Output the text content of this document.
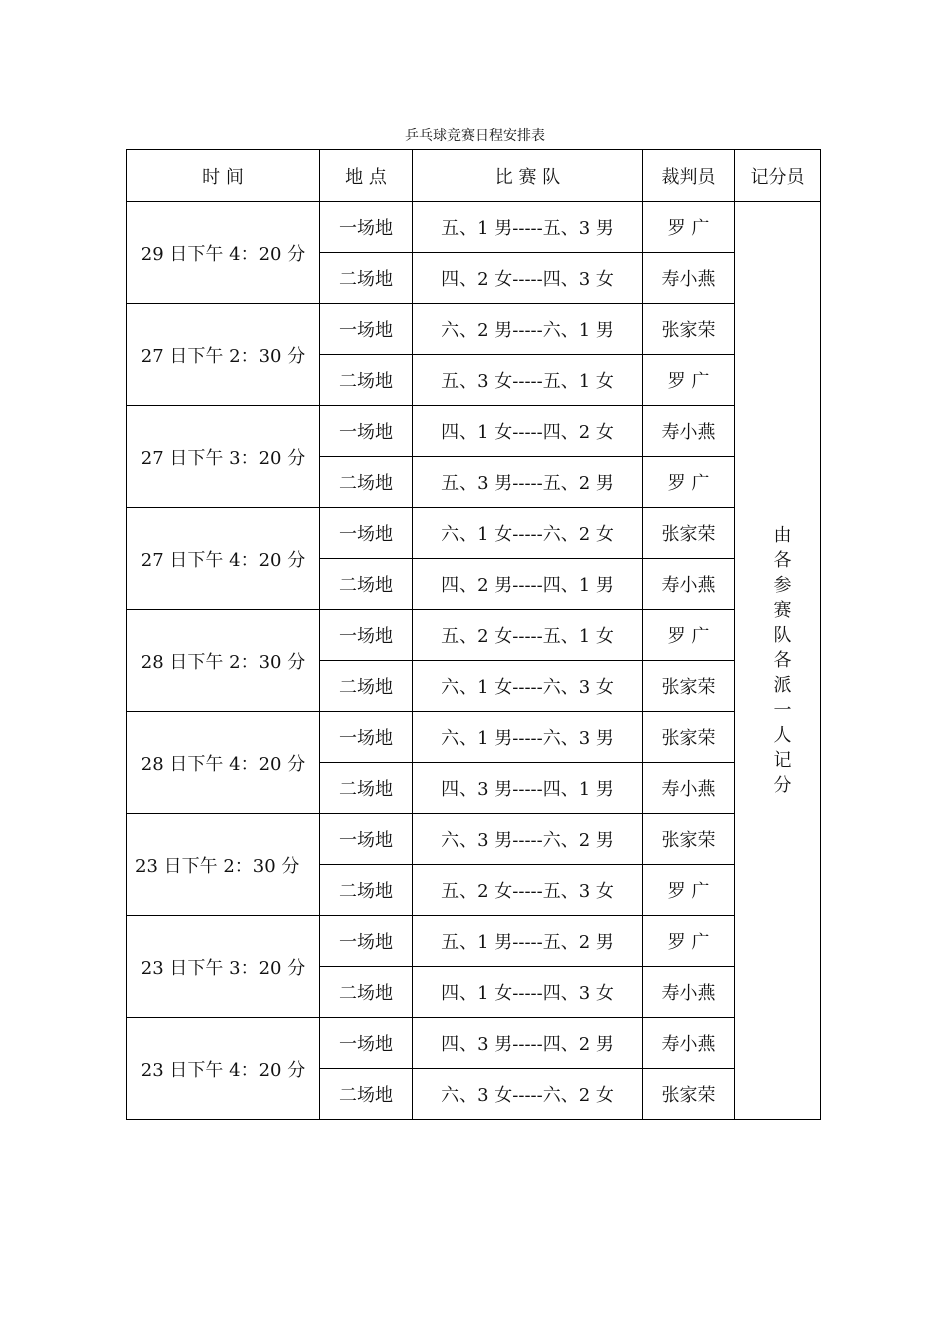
乒乓球竞赛日程安排表
时 间	地 点	比 赛 队	裁判员	记分员
29 日下午 4：20 分	一场地	五、1 男-----五、3 男	罗 广	由各参赛队各派一人记分
	二场地	四、2 女-----四、3 女	寿小燕	
27 日下午 2：30 分	一场地	六、2 男-----六、1 男	张家荣	
	二场地	五、3 女-----五、1 女	罗 广	
27 日下午 3：20 分	一场地	四、1 女-----四、2 女	寿小燕	
	二场地	五、3 男-----五、2 男	罗 广	
27 日下午 4：20 分	一场地	六、1 女-----六、2 女	张家荣	
	二场地	四、2 男-----四、1 男	寿小燕	
28 日下午 2：30 分	一场地	五、2 女-----五、1 女	罗 广	
	二场地	六、1 女-----六、3 女	张家荣	
28 日下午 4：20 分	一场地	六、1 男-----六、3 男	张家荣	
	二场地	四、3 男-----四、1 男	寿小燕	
23 日下午 2：30 分	一场地	六、3 男-----六、2 男	张家荣	
	二场地	五、2 女-----五、3 女	罗 广	
23 日下午 3：20 分	一场地	五、1 男-----五、2 男	罗 广	
	二场地	四、1 女-----四、3 女	寿小燕	
23 日下午 4：20 分	一场地	四、3 男-----四、2 男	寿小燕	
	二场地	六、3 女-----六、2 女	张家荣	
